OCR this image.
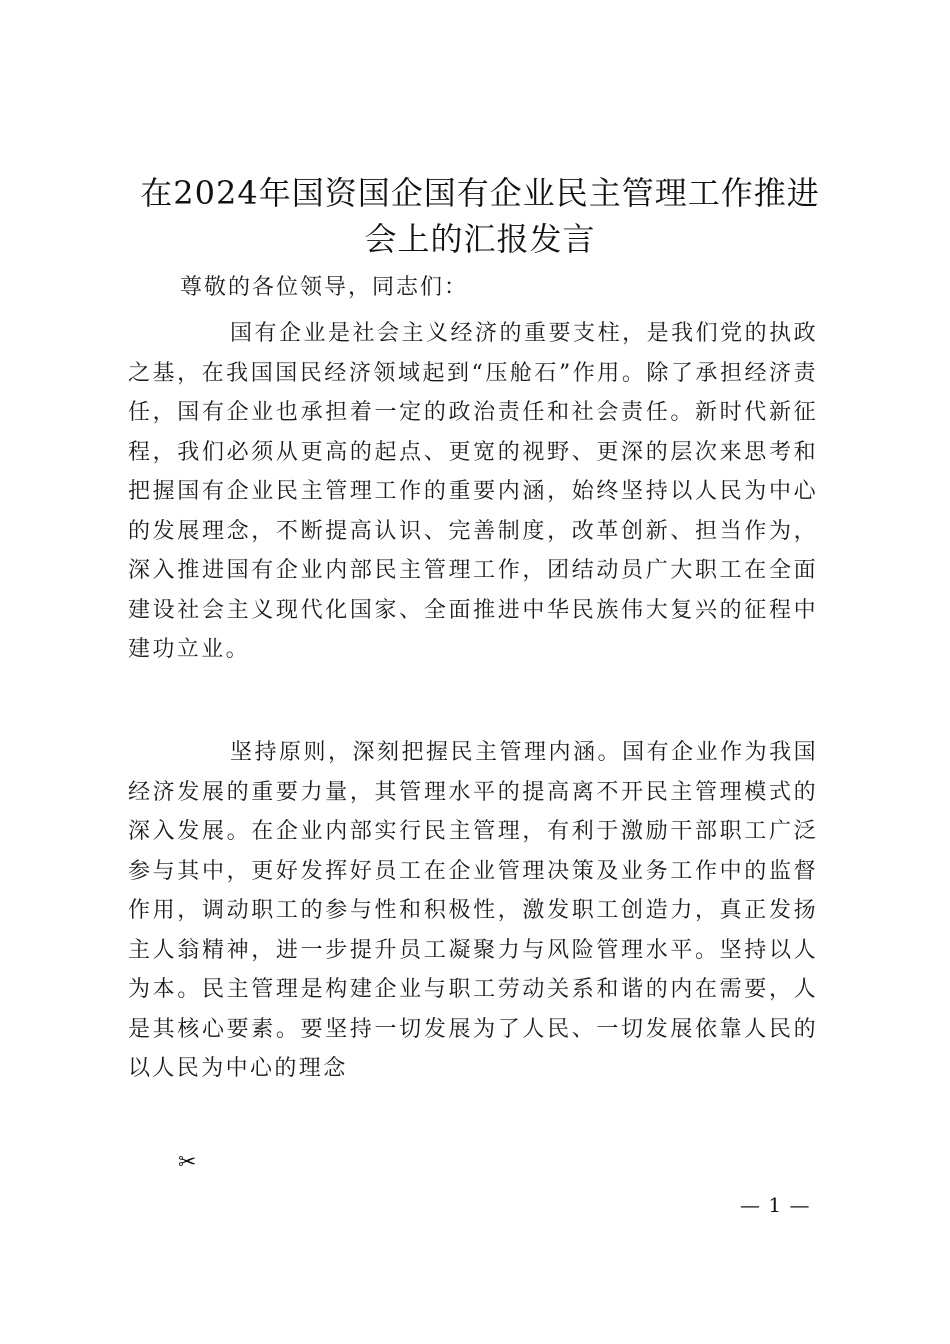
在2024年国资国企国有企业民主管理工作推进会上的汇报发言
尊敬的各位领导，同志们：

国有企业是社会主义经济的重要支柱，是我们党的执政之基，在我国国民经济领域起到“压舱石”作用。除了承担经济责任，国有企业也承担着一定的政治责任和社会责任。新时代新征程，我们必须从更高的起点、更宽的视野、更深的层次来思考和把握国有企业民主管理工作的重要内涵，始终坚持以人民为中心的发展理念，不断提高认识、完善制度，改革创新、担当作为，深入推进国有企业内部民主管理工作，团结动员广大职工在全面建设社会主义现代化国家、全面推进中华民族伟大复兴的征程中建功立业。

坚持原则，深刻把握民主管理内涵。国有企业作为我国经济发展的重要力量，其管理水平的提高离不开民主管理模式的深入发展。在企业内部实行民主管理，有利于激励干部职工广泛参与其中，更好发挥好员工在企业管理决策及业务工作中的监督作用，调动职工的参与性和积极性，激发职工创造力，真正发扬主人翁精神，进一步提升员工凝聚力与风险管理水平。坚持以人为本。民主管理是构建企业与职工劳动关系和谐的内在需要，人是其核心要素。要坚持一切发展为了人民、一切发展依靠人民的以人民为中心的理念

✂
— 1 —
